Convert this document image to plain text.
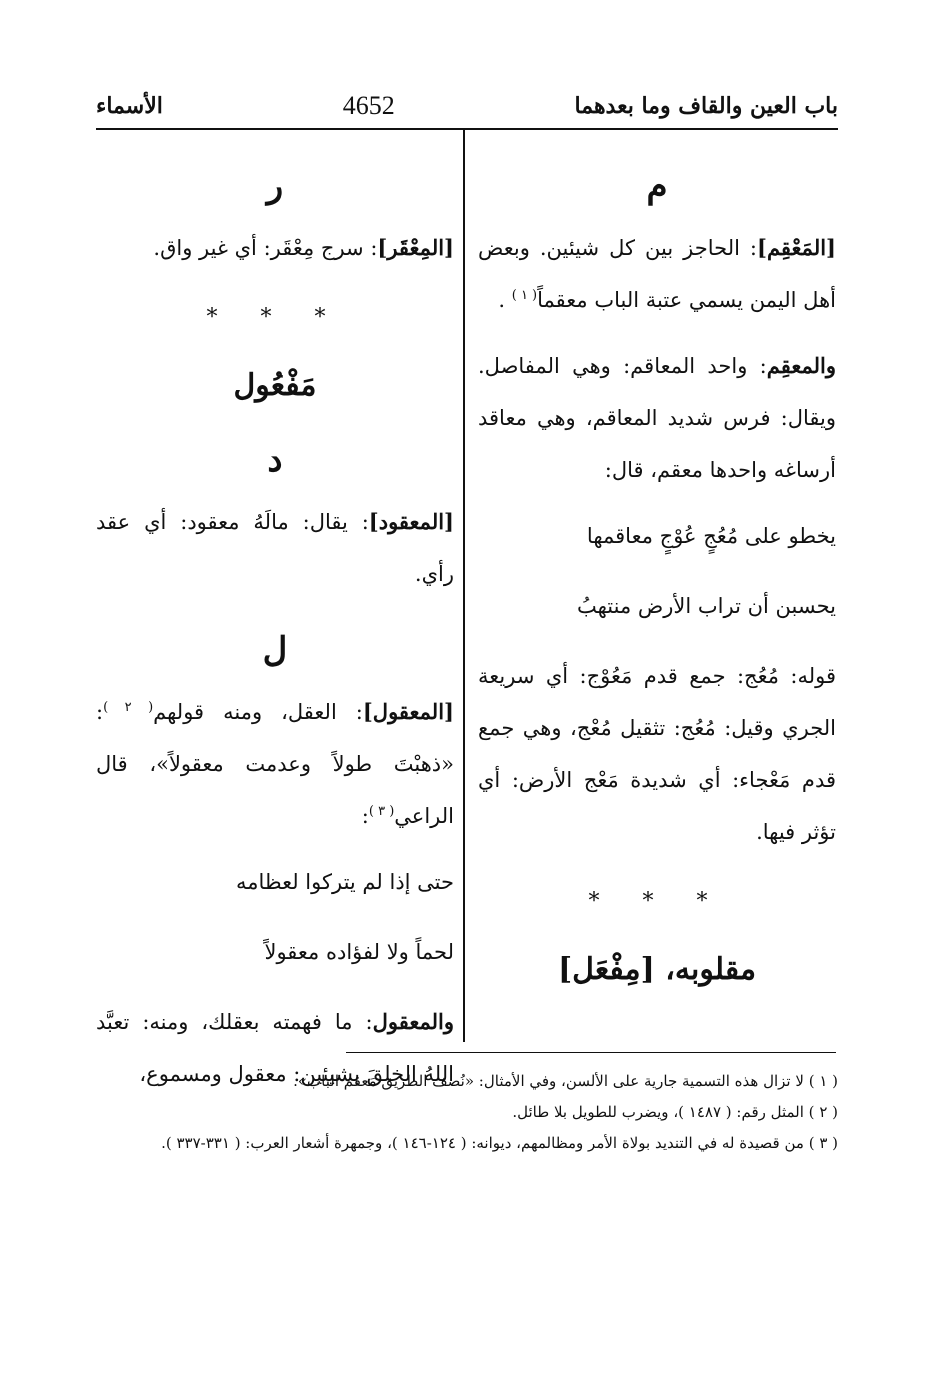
باب العين والقاف وما بعدهما
4652
الأسماء
م

[المَعْقِم]: الحاجز بين كل شيئين. وبعض أهل اليمن يسمي عتبة الباب معقماً$^{( ١ )}$ .

والمعقِم: واحد المعاقم: وهي المفاصل. ويقال: فرس شديد المعاقم، وهي معاقد أرساغه واحدها معقم، قال:

يخطو على مُعُجٍ عُوْجٍ معاقمها

يحسبن أن تراب الأرض منتهبُ

قوله: مُعُج: جمع قدم مَعُوْج: أي سريعة الجري وقيل: مُعُج: تثقيل مُعْج، وهي جمع قدم مَعْجاء: أي شديدة مَعْج الأرض: أي تؤثر فيها.

* * *
مقلوبه، [مِفْعَل]
ر

[المِعْقَر]: سرج مِعْقَر: أي غير واق.

* * *
مَفْعُول
د

[المعقود]: يقال: مالَهُ معقود: أي عقد رأي.

ل

[المعقول]: العقل، ومنه قولهم$^{( ٢ )}$: «ذهبْتَ طولاً وعدمت معقولاً»، قال الراعي$^{( ٣ )}$:

حتى إذا لم يتركوا لعظامه

لحماً ولا لفؤاده معقولاً

والمعقول: ما فهمته بعقلك، ومنه: تعبَّد اللهُ الخلقَ بشيئين: معقول ومسموع،

( ١ ) لا تزال هذه التسمية جارية على الألسن، وفي الأمثال: «نُصف الطريق مَعقم الباب».
( ٢ ) المثل رقم: ( ١٤٨٧ )، ويضرب للطويل بلا طائل.
( ٣ ) من قصيدة له في التنديد بولاة الأمر ومظالمهم، ديوانه: ( ١٢٤-١٤٦ )، وجمهرة أشعار العرب: ( ٣٣١-٣٣٧ ).
